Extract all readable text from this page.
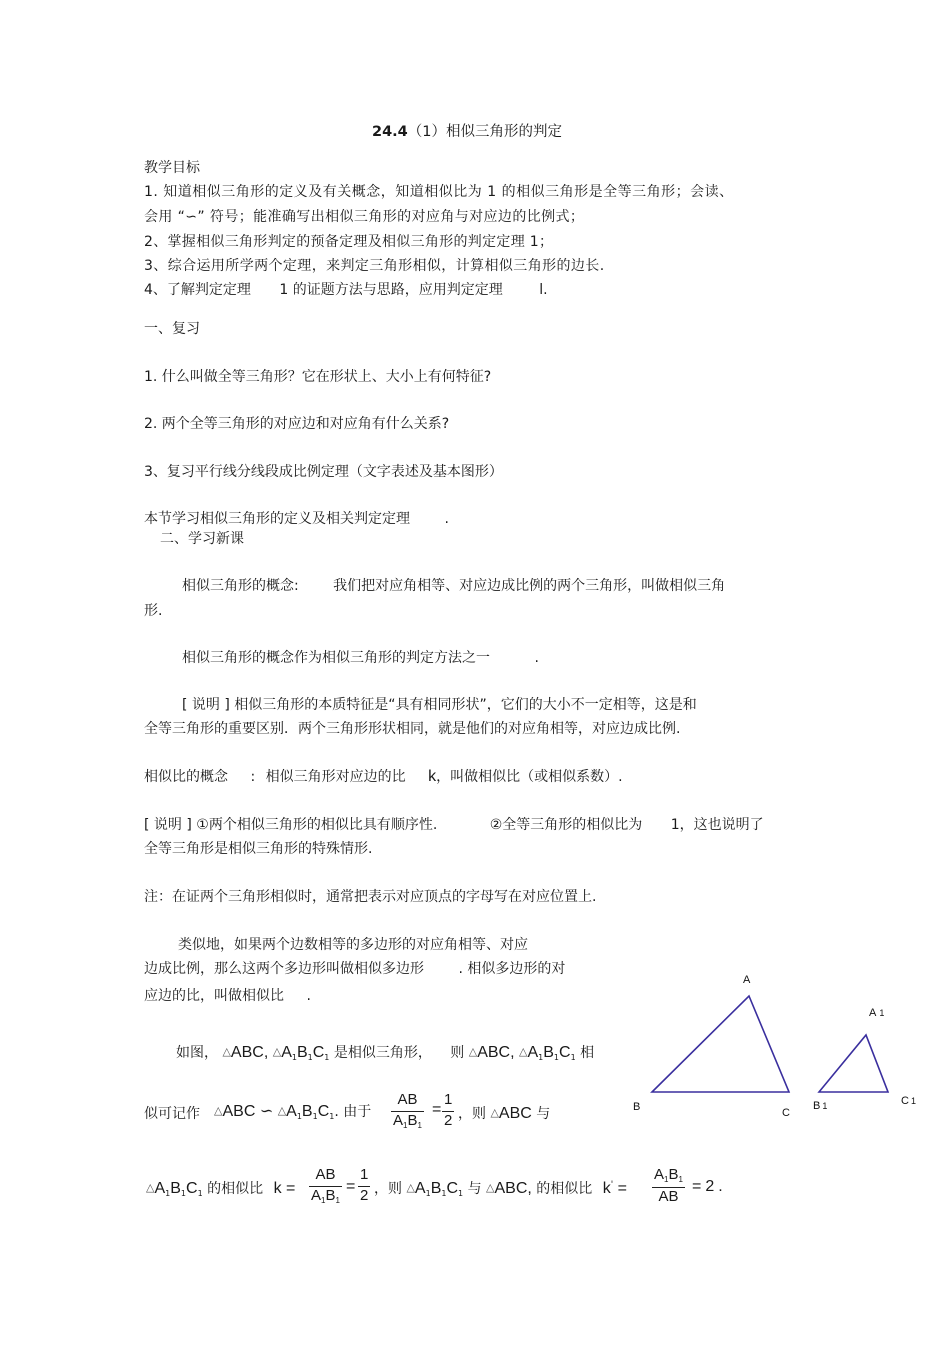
24.4（1）相似三角形的判定
教学目标
1. 知道相似三角形的定义及有关概念，知道相似比为 1 的相似三角形是全等三角形；会读、
会用 “∽” 符号；能准确写出相似三角形的对应角与对应边的比例式；
2、掌握相似三角形判定的预备定理及相似三角形的判定定理 1；
3、综合运用所学两个定理，来判定三角形相似，计算相似三角形的边长.
4、了解判定定理 1 的证题方法与思路，应用判定定理	l.
一、复习
1. 什么叫做全等三角形？它在形状上、大小上有何特征?
2. 两个全等三角形的对应边和对应角有什么关系?
3、复习平行线分线段成比例定理（文字表述及基本图形）
本节学习相似三角形的定义及相关判定定理 .
二、学习新课
相似三角形的概念: 我们把对应角相等、对应边成比例的两个三角形，叫做相似三角
形.
相似三角形的概念作为相似三角形的判定方法之一	.
[ 说明 ] 相似三角形的本质特征是“具有相同形状”，它们的大小不一定相等，这是和
全等三角形的重要区别．两个三角形形状相同，就是他们的对应角相等，对应边成比例.
相似比的概念 : 相似三角形对应边的比 k，叫做相似比（或相似系数）.
[ 说明 ] ①两个相似三角形的相似比具有顺序性.	②全等三角形的相似比为 1，这也说明了
全等三角形是相似三角形的特殊情形.
注：在证两个三角形相似时，通常把表示对应顶点的字母写在对应位置上.
类似地，如果两个边数相等的多边形的对应角相等、对应
边成比例，那么这两个多边形叫做相似多边形 . 相似多边形的对
应边的比，叫做相似比 .
如图， △ABC, $\triangle A_1B_1C_1$ 是相似三角形， 则 △ABC, $\triangle A_1B_1C_1$ 相
似可记作 △ABC ∽ $\triangle A_1B_1C_1$. 由于 $\frac{AB}{A_1B_1} = \frac{1}{2}$ ，则 △ABC 与
$\triangle A_1B_1C_1$ 的相似比 $k = \frac{AB}{A_1B_1} = \frac{1}{2}$ ，则 $\triangle A_1B_1C_1$ 与 △ABC, 的相似比 $k' = \frac{A_1B_1}{AB} = 2$ .
A
B	C
A 1
B 1	C 1
